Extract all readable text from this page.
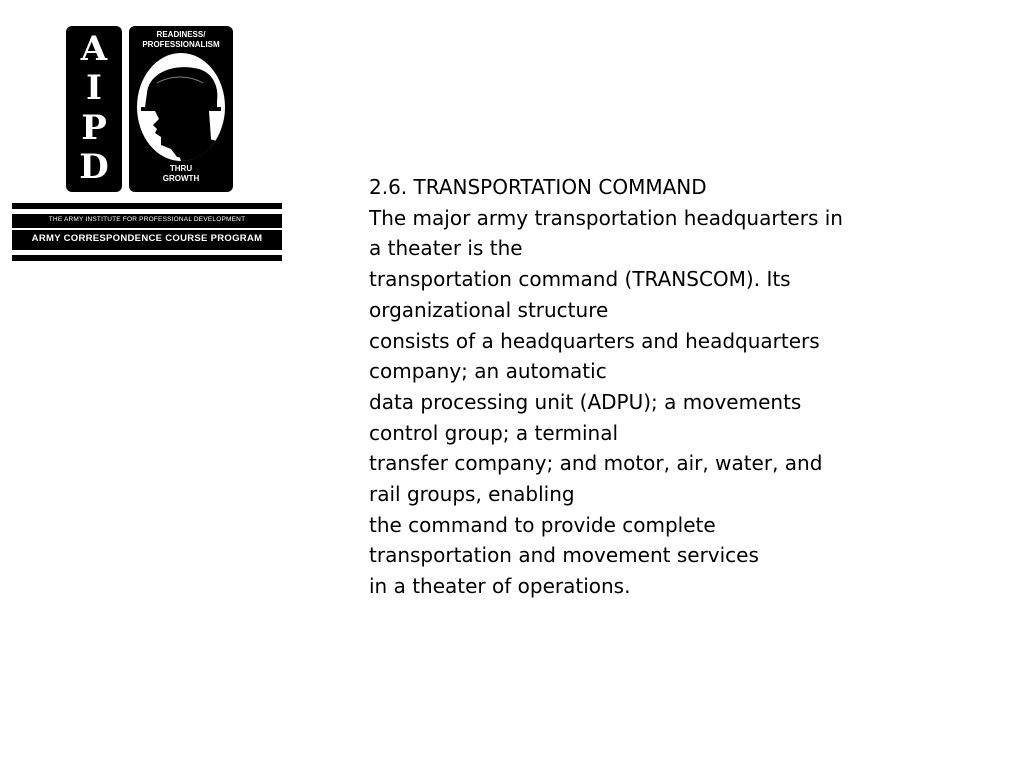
A
I
P
D
READINESS/
PROFESSIONALISM
THRU
GROWTH
THE ARMY INSTITUTE FOR PROFESSIONAL DEVELOPMENT
ARMY CORRESPONDENCE COURSE PROGRAM
2.6. TRANSPORTATION COMMAND
The major army transportation headquarters in
a theater is the
transportation command (TRANSCOM). Its
organizational structure
consists of a headquarters and headquarters
company; an automatic
data processing unit (ADPU); a movements
control group; a terminal
transfer company; and motor, air, water, and
rail groups, enabling
the command to provide complete
transportation and movement services
in a theater of operations.
